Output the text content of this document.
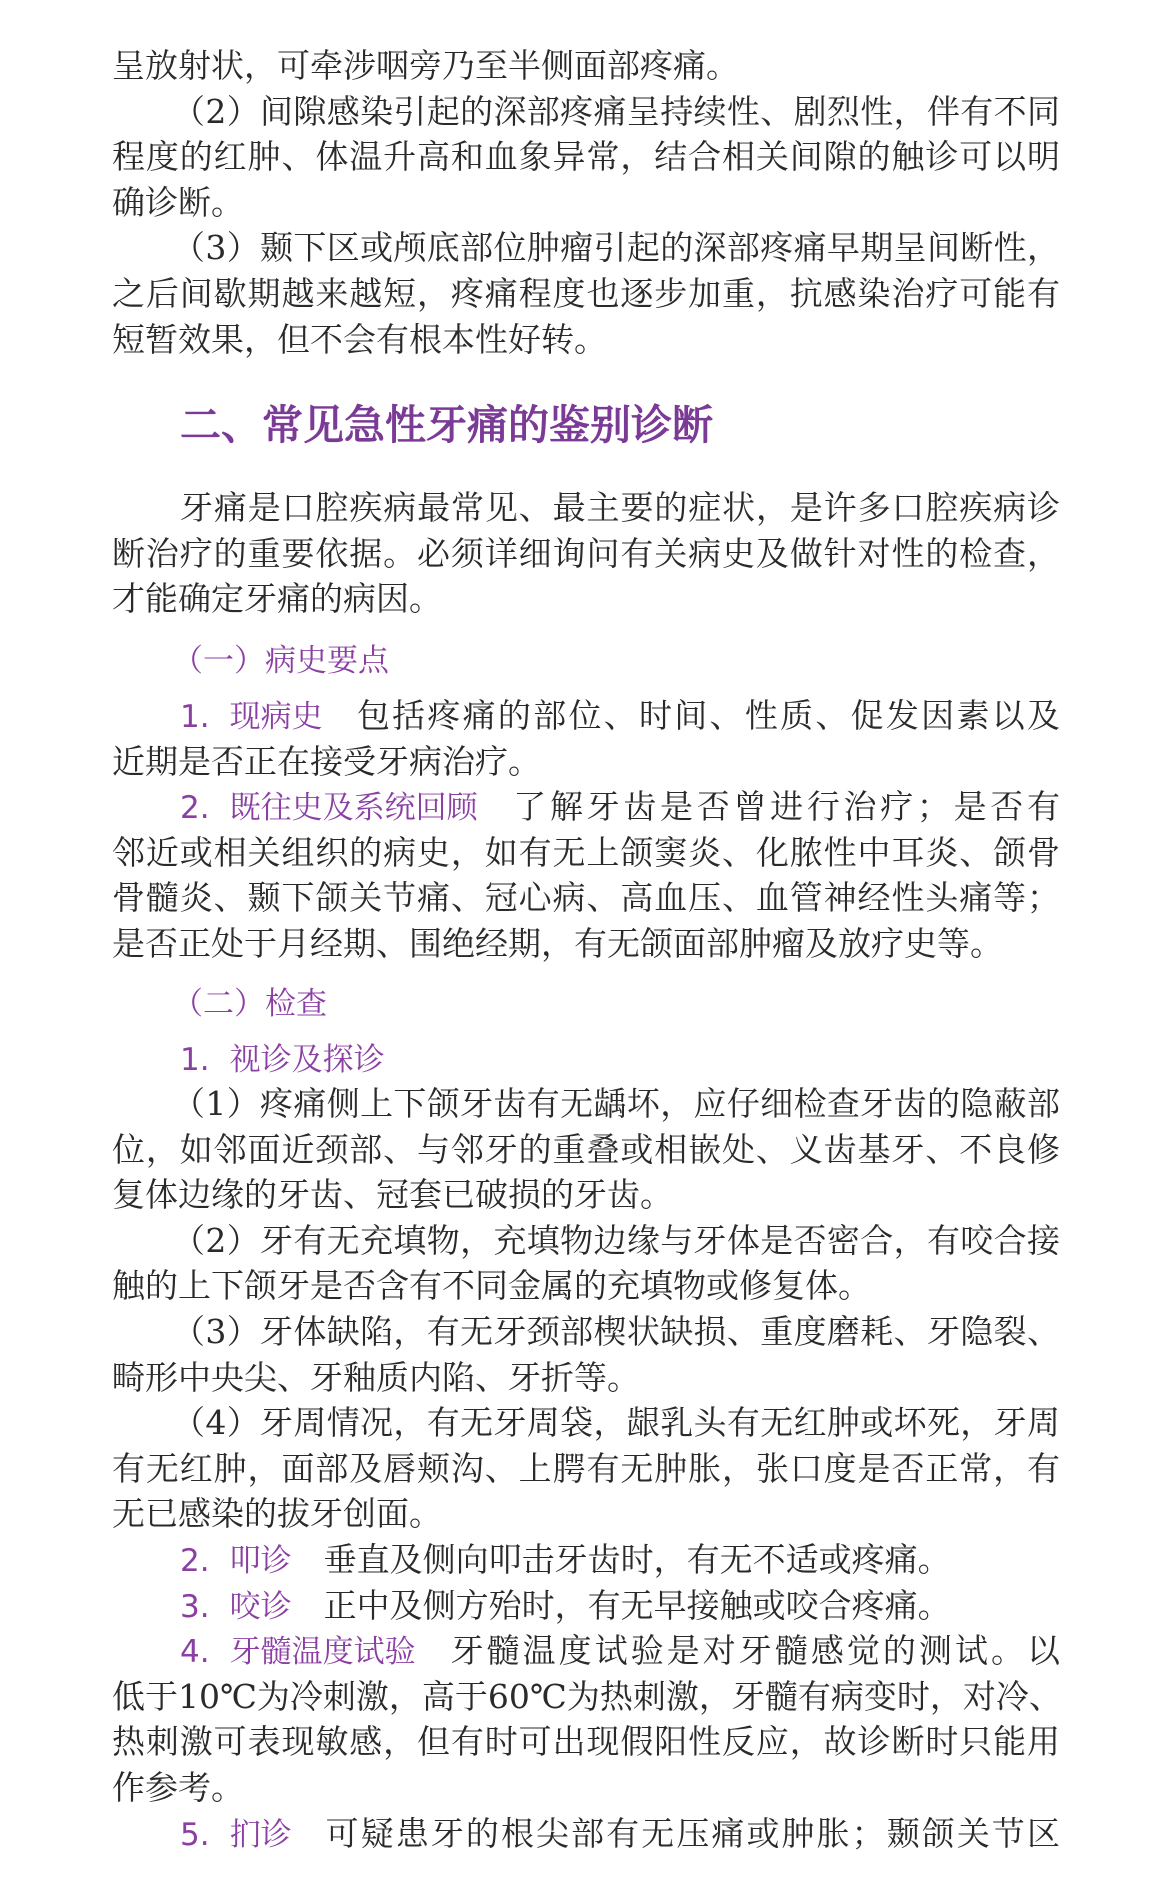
呈放射状，可牵涉咽旁乃至半侧面部疼痛。
（2）间隙感染引起的深部疼痛呈持续性、剧烈性，伴有不同
程度的红肿、体温升高和血象异常，结合相关间隙的触诊可以明
确诊断。
（3）颞下区或颅底部位肿瘤引起的深部疼痛早期呈间断性，
之后间歇期越来越短，疼痛程度也逐步加重，抗感染治疗可能有
短暂效果，但不会有根本性好转。
二、常见急性牙痛的鉴别诊断
牙痛是口腔疾病最常见、最主要的症状，是许多口腔疾病诊
断治疗的重要依据。必须详细询问有关病史及做针对性的检查，
才能确定牙痛的病因。
（一）病史要点
1. 现病史 包括疼痛的部位、时间、性质、促发因素以及
近期是否正在接受牙病治疗。
2. 既往史及系统回顾 了解牙齿是否曾进行治疗；是否有
邻近或相关组织的病史，如有无上颌窦炎、化脓性中耳炎、颌骨
骨髓炎、颞下颌关节痛、冠心病、高血压、血管神经性头痛等；
是否正处于月经期、围绝经期，有无颌面部肿瘤及放疗史等。
（二）检查
1. 视诊及探诊
（1）疼痛侧上下颌牙齿有无龋坏，应仔细检查牙齿的隐蔽部
位，如邻面近颈部、与邻牙的重叠或相嵌处、义齿基牙、不良修
复体边缘的牙齿、冠套已破损的牙齿。
（2）牙有无充填物，充填物边缘与牙体是否密合，有咬合接
触的上下颌牙是否含有不同金属的充填物或修复体。
（3）牙体缺陷，有无牙颈部楔状缺损、重度磨耗、牙隐裂、
畸形中央尖、牙釉质内陷、牙折等。
（4）牙周情况，有无牙周袋，龈乳头有无红肿或坏死，牙周
有无红肿，面部及唇颊沟、上腭有无肿胀，张口度是否正常，有
无已感染的拔牙创面。
2. 叩诊 垂直及侧向叩击牙齿时，有无不适或疼痛。
3. 咬诊 正中及侧方殆时，有无早接触或咬合疼痛。
4. 牙髓温度试验 牙髓温度试验是对牙髓感觉的测试。以
低于10℃为冷刺激，高于60℃为热刺激，牙髓有病变时，对冷、
热刺激可表现敏感，但有时可出现假阳性反应，故诊断时只能用
作参考。
5. 扪诊 可疑患牙的根尖部有无压痛或肿胀；颞颌关节区
